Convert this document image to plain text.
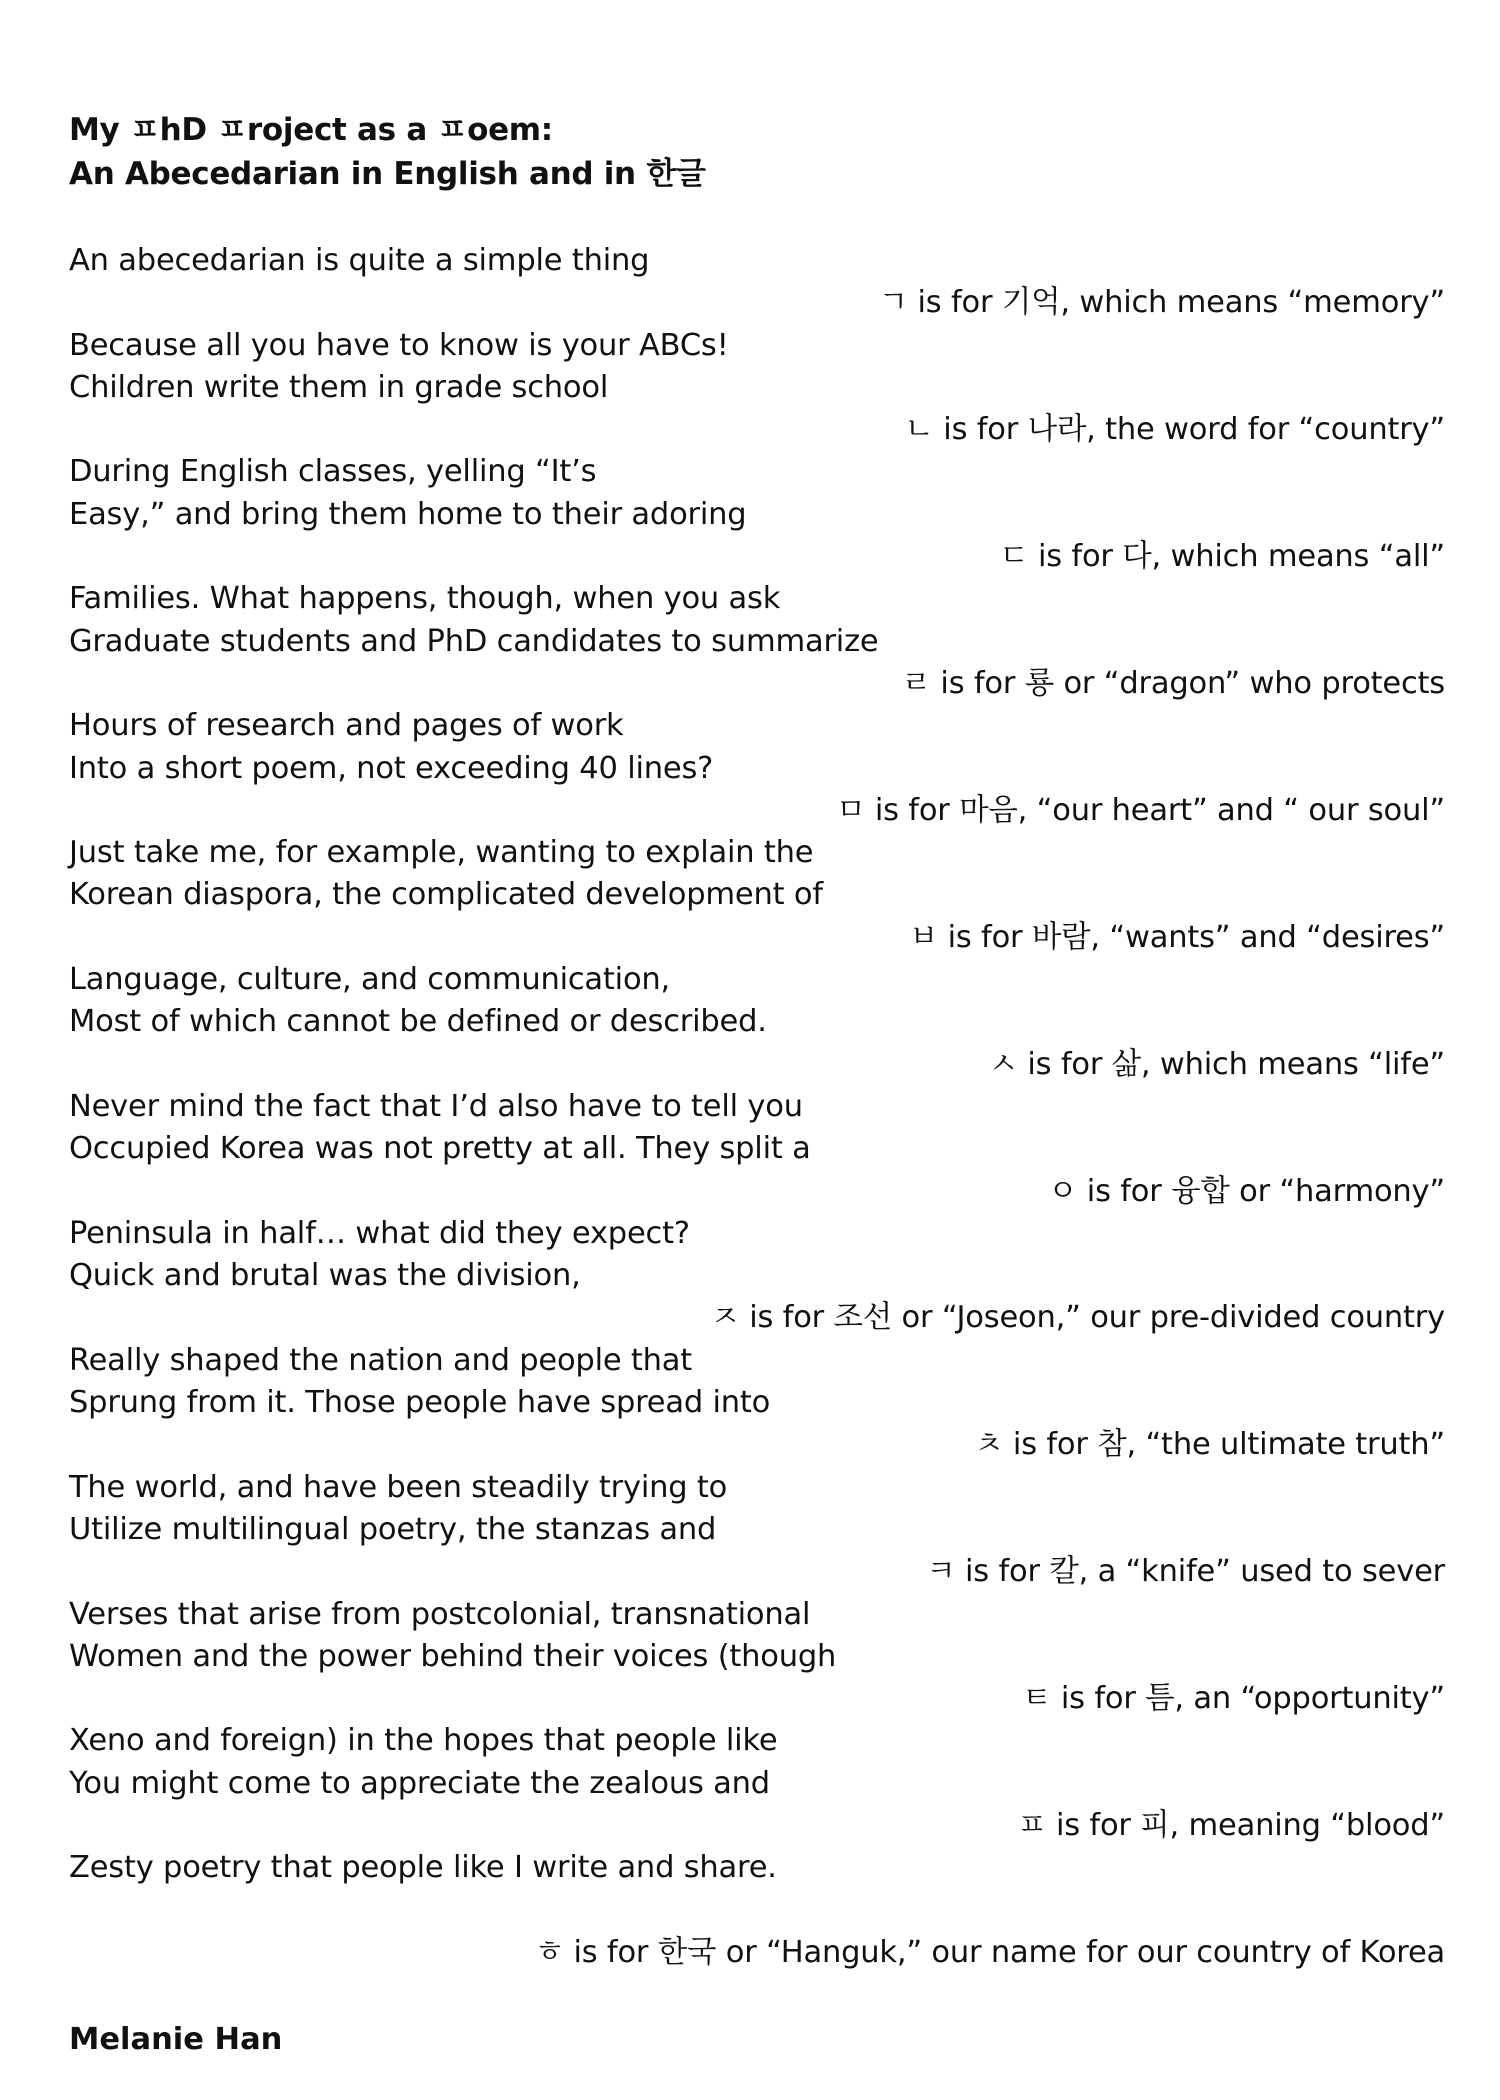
My ㅍhD ㅍroject as a ㅍoem:
An Abecedarian in English and in 한글
An abecedarian is quite a simple thing
ㄱ is for 기억, which means “memory”
Because all you have to know is your ABCs!
Children write them in grade school
ㄴ is for 나라, the word for “country”
During English classes, yelling “It’s
Easy,” and bring them home to their adoring
ㄷ is for 다, which means “all”
Families. What happens, though, when you ask
Graduate students and PhD candidates to summarize
ㄹ is for 룡 or “dragon” who protects
Hours of research and pages of work
Into a short poem, not exceeding 40 lines?
ㅁ is for 마음, “our heart” and “ our soul”
Just take me, for example, wanting to explain the
Korean diaspora, the complicated development of
ㅂ is for 바람, “wants” and “desires”
Language, culture, and communication,
Most of which cannot be defined or described.
ㅅ is for 삶, which means “life”
Never mind the fact that I’d also have to tell you
Occupied Korea was not pretty at all. They split a
ㅇ is for 융합 or “harmony”
Peninsula in half… what did they expect?
Quick and brutal was the division,
ㅈ is for 조선 or “Joseon,” our pre-divided country
Really shaped the nation and people that
Sprung from it. Those people have spread into
ㅊ is for 참, “the ultimate truth”
The world, and have been steadily trying to
Utilize multilingual poetry, the stanzas and
ㅋ is for 칼, a “knife” used to sever
Verses that arise from postcolonial, transnational
Women and the power behind their voices (though
ㅌ is for 틈, an “opportunity”
Xeno and foreign) in the hopes that people like
You might come to appreciate the zealous and
ㅍ is for 피, meaning “blood”
Zesty poetry that people like I write and share.
ㅎ is for 한국 or “Hanguk,” our name for our country of Korea
Melanie Han
